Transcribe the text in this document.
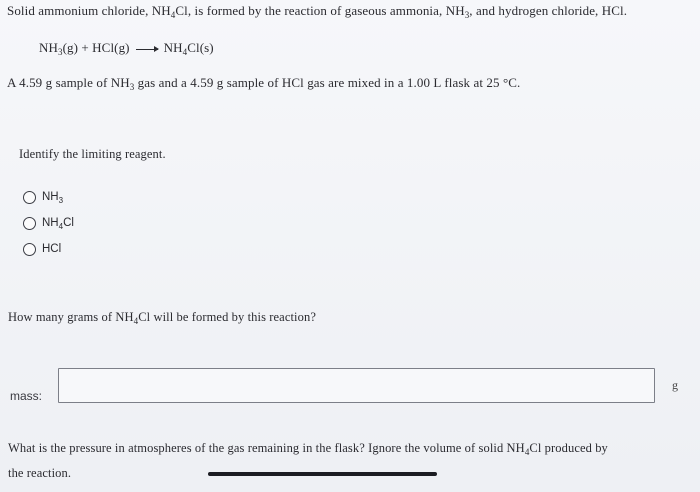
Solid ammonium chloride, $NH_4Cl$, is formed by the reaction of gaseous ammonia, $NH_3$, and hydrogen chloride, HCl.
$NH_3(g) + HCl(g) \to NH_4Cl(s)$
A 4.59 g sample of $NH_3$ gas and a 4.59 g sample of HCl gas are mixed in a 1.00 L flask at 25 °C.
Identify the limiting reagent.
$NH_3$
$NH_4Cl$
HCl
How many grams of $NH_4Cl$ will be formed by this reaction?
mass:
g
What is the pressure in atmospheres of the gas remaining in the flask? Ignore the volume of solid $NH_4Cl$ produced by
the reaction.
